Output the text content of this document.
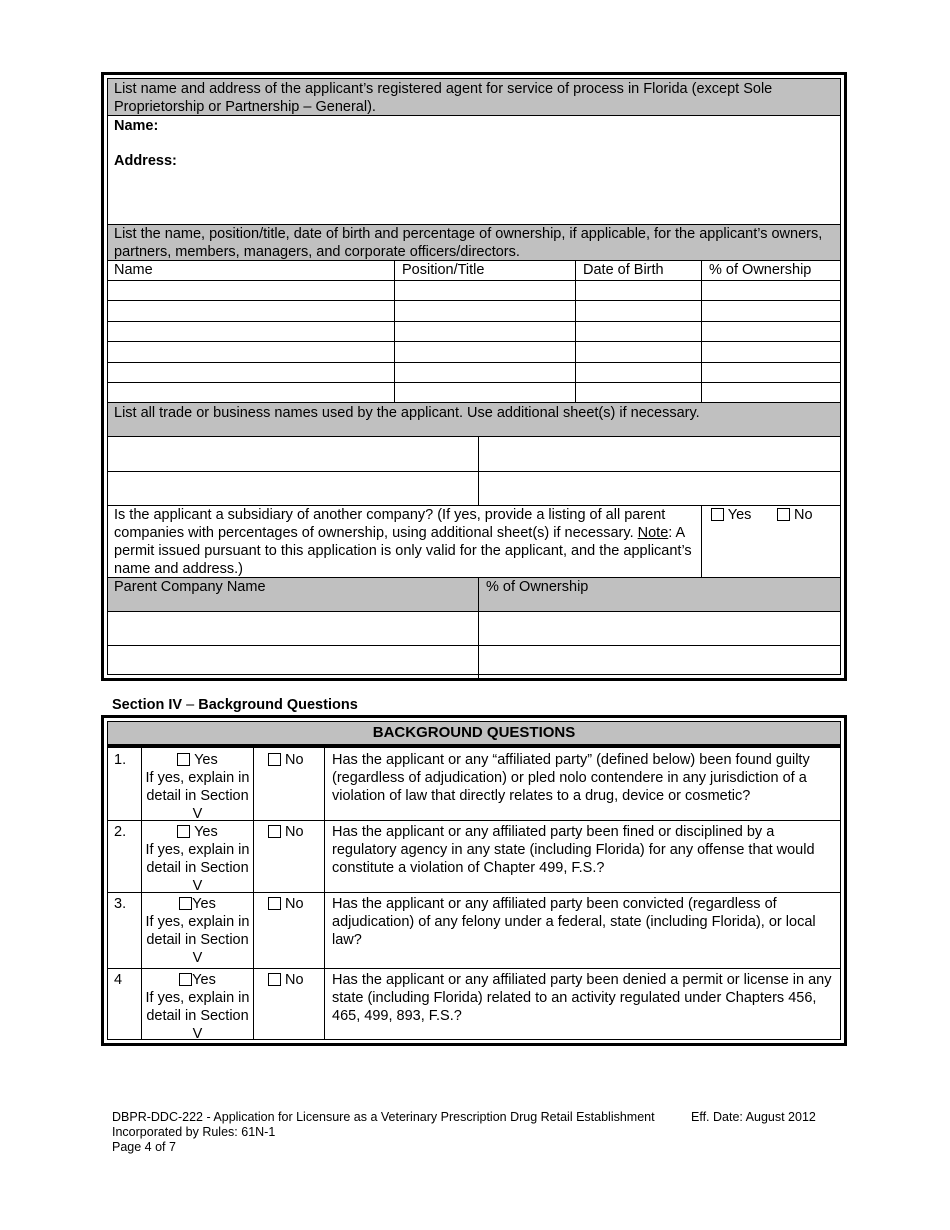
List name and address of the applicant’s registered agent for service of process in Florida (except Sole Proprietorship or Partnership – General).
Name:
Address:
List the name, position/title, date of birth and percentage of ownership, if applicable, for the applicant’s owners, partners, members, managers, and corporate officers/directors.
Name	Position/Title	Date of Birth	% of Ownership
List all trade or business names used by the applicant. Use additional sheet(s) if necessary.
Is the applicant a subsidiary of another company? (If yes, provide a listing of all parent companies with percentages of ownership, using additional sheet(s) if necessary. Note: A permit issued pursuant to this application is only valid for the applicant, and the applicant’s name and address.)
Yes	No
Parent Company Name	% of Ownership
Section IV – Background Questions
BACKGROUND QUESTIONS
1.	Yes
If yes, explain in detail in Section V
No Has the applicant or any “affiliated party” (defined below) been found guilty (regardless of adjudication) or pled nolo contendere in any jurisdiction of a violation of law that directly relates to a drug, device or cosmetic?
2.	Yes
If yes, explain in detail in Section V
No Has the applicant or any affiliated party been fined or disciplined by a regulatory agency in any state (including Florida) for any offense that would constitute a violation of Chapter 499, F.S.?
3.	Yes
If yes, explain in detail in Section V
No Has the applicant or any affiliated party been convicted (regardless of adjudication) of any felony under a federal, state (including Florida), or local law?
4	Yes
If yes, explain in detail in Section V
No Has the applicant or any affiliated party been denied a permit or license in any state (including Florida) related to an activity regulated under Chapters 456, 465, 499, 893, F.S.?
DBPR-DDC-222 - Application for Licensure as a Veterinary Prescription Drug Retail Establishment	Eff. Date: August 2012
Incorporated by Rules: 61N-1
Page 4 of 7
